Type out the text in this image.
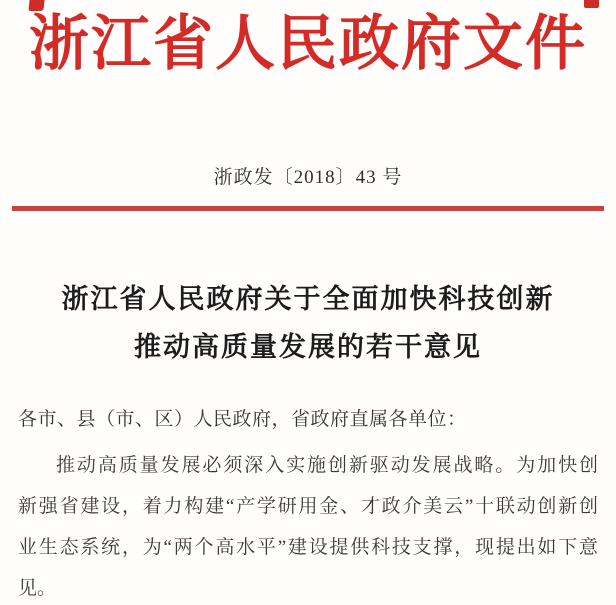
浙江省人民政府文件
浙政发〔2018〕43 号
浙江省人民政府关于全面加快科技创新
推动高质量发展的若干意见
各市、县（市、区）人民政府，省政府直属各单位：
推动高质量发展必须深入实施创新驱动发展战略。为加快创
新强省建设，着力构建“产学研用金、才政介美云”十联动创新创
业生态系统，为“两个高水平”建设提供科技支撑，现提出如下意
见。
